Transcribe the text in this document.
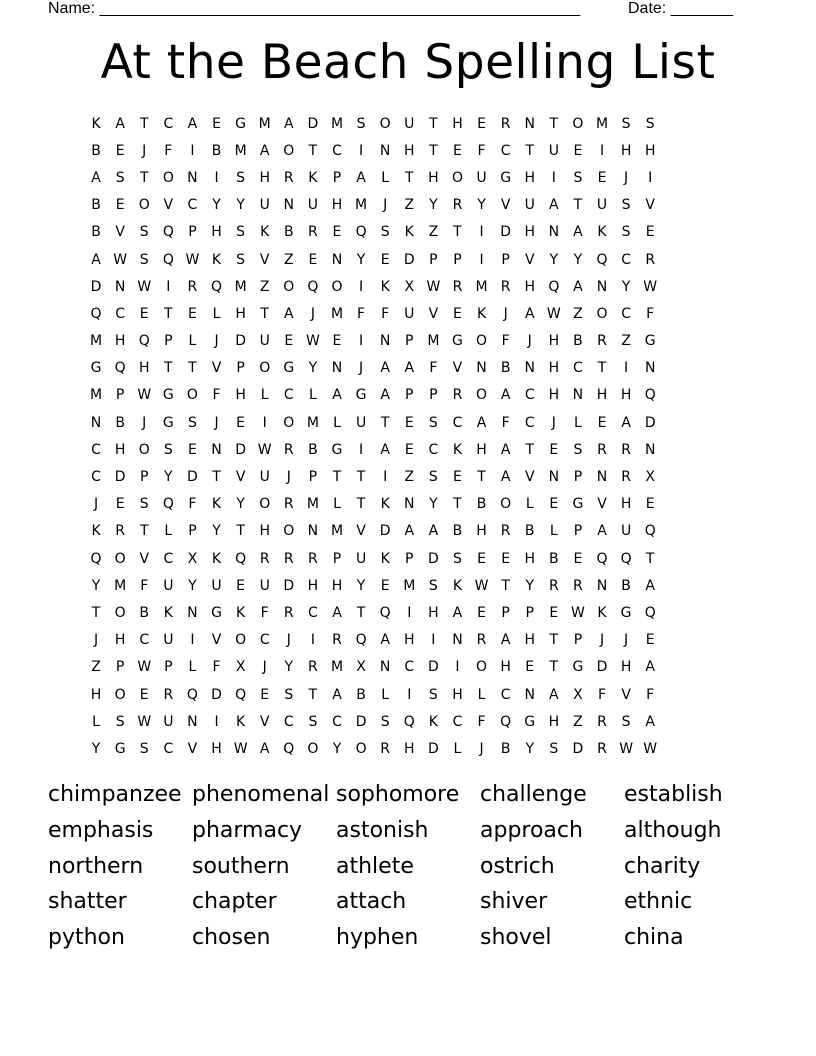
Name: ______________________________________________________	Date: _______
At the Beach Spelling List
K	A	T	C	A	E	G M A D M S	O U	T	H	E	R N	T	O M S	S
B	E	J	F	I	B M A O	T	C	I	N H	T	E	F	C	T	U	E	I	H H
A	S	T	O N	I	S	H R	K	P	A	L	T	H O U G H	I	S	E	J	I
B	E	O V	C	Y	Y	U N U H M	J	Z	Y	R	Y	V	U	A	T	U	S	V
B	V	S	Q	P	H	S	K	B	R	E	Q	S	K	Z	T	I	D H N	A	K	S	E
A W S	Q W K	S	V	Z	E	N	Y	E	D	P	P	I	P	V	Y	Y	Q C	R
D N W	I	R Q M Z O Q O	I	K	X W R M R H Q A	N	Y W
Q C	E	T	E	L	H	T	A	J	M	F	F	U	V	E	K	J	A W Z O C	F
M H Q	P	L	J	D U	E W E	I	N	P M G O	F	J	H	B	R	Z G
G Q H	T	T	V	P	O G	Y	N	J	A	A	F	V	N	B	N H C	T	I	N
M P W G O	F	H	L	C	L	A G A	P	P	R O A	C H N H H Q
N	B	J	G	S	J	E	I	O M	L	U	T	E	S	C	A	F	C	J	L	E	A D
C H O	S	E	N D W R	B G	I	A	E	C	K	H	A	T	E	S	R	R N
C D	P	Y	D	T	V	U	J	P	T	T	I	Z	S	E	T	A	V	N	P	N R	X
J	E	S	Q	F	K	Y	O R M	L	T	K	N	Y	T	B O	L	E	G V	H	E
K	R	T	L	P	Y	T	H O N M V D A	A	B	H R	B	L	P	A	U Q
Q O V	C	X	K Q R	R	R	P	U	K	P	D	S	E	E	H	B	E	Q Q	T
Y M	F	U	Y	U	E	U D H H	Y	E M S	K W T	Y	R	R N	B	A
T	O B	K	N G	K	F	R	C	A	T	Q	I	H	A	E	P	P	E W K	G Q
J	H C	U	I	V O C	J	I	R Q A	H	I	N R	A	H	T	P	J	J	E
Z	P W P	L	F	X	J	Y	R M X	N C D	I	O H	E	T	G D H	A
H O	E	R Q D Q	E	S	T	A	B	L	I	S	H	L	C N	A	X	F	V	F
L	S W U N	I	K	V	C	S	C D	S	Q K	C	F	Q G H	Z	R	S	A
Y	G	S	C	V	H W A Q O	Y	O R H D	L	J	B	Y	S	D R W W
chimpanzee phenomenal sophomore challenge	establish
emphasis	pharmacy	astonish	approach	although
northern	southern	athlete	ostrich	charity
shatter	chapter	attach	shiver	ethnic
python	chosen	hyphen	shovel	china
